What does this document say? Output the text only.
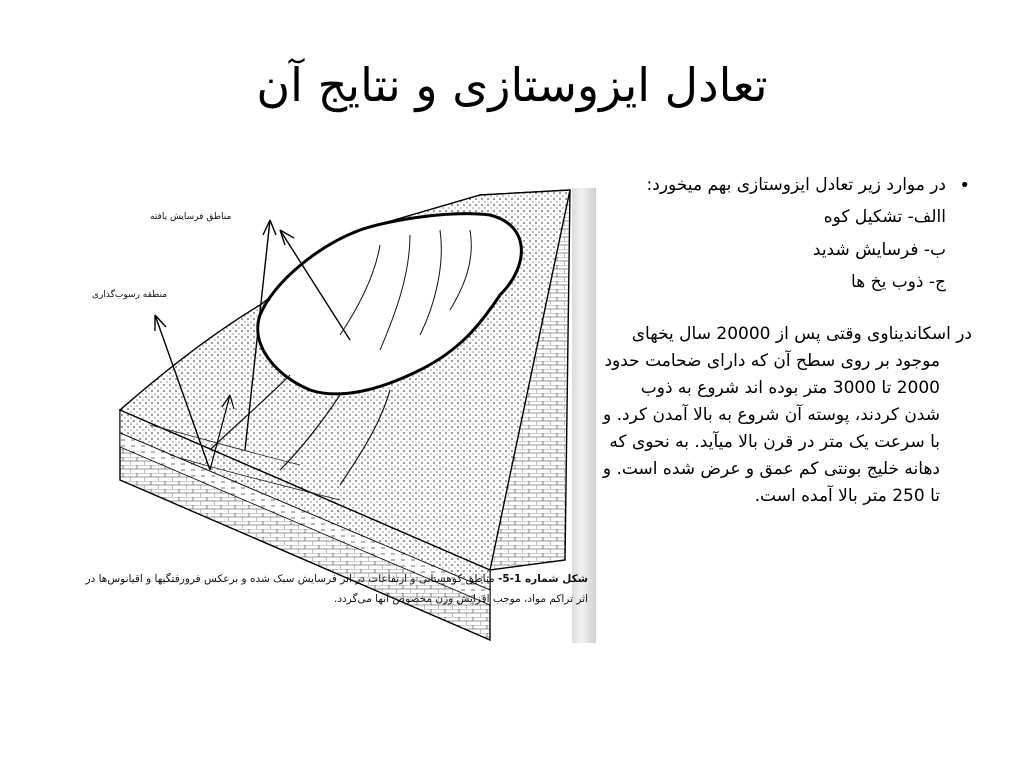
تعادل ایزوستازی و نتایج آن
• در موارد زیر تعادل ایزوستازی بهم میخورد:
االف- تشکیل کوه
ب- فرسایش شدید
ج- ذوب یخ ها
در اسکاندیناوی وقتی پس از 20000 سال یخهای موجود بر روی سطح آن که دارای ضحامت حدود 2000 تا 3000 متر بوده اند شروع به ذوب شدن کردند، پوسته آن شروع به بالا آمدن کرد. و با سرعت یک متر در قرن بالا میآید. به نحوی که دهانه خلیج بونتی کم عمق و عرض شده است. و تا 250 متر بالا آمده است.
مناطق فرسایش یافته
منطقه رسوب‌گذاری
شکل شماره 1-5- مناطق کوهستانی و ارتفاعات در اثر فرسایش سبک شده و برعکس فرورفتگیها و اقیانوس‌ها در
اثر تراکم مواد، موجب افزایش وزن مخصوص آنها می‌گردد.
